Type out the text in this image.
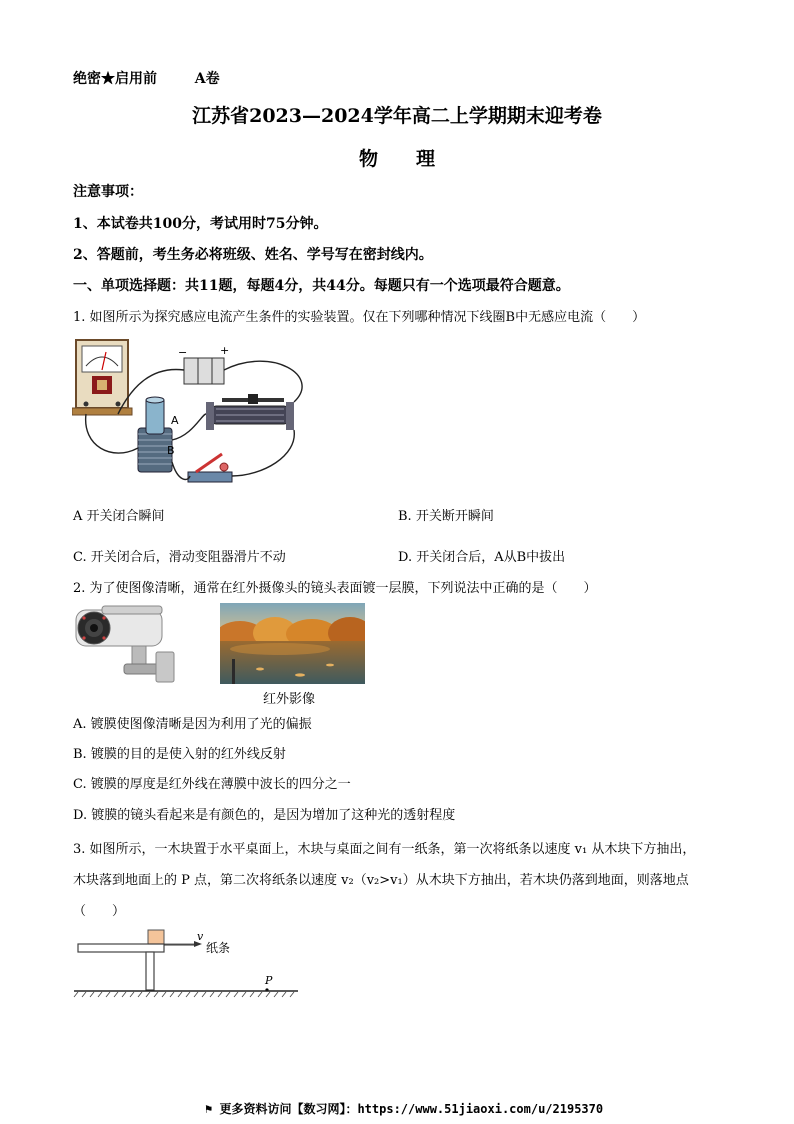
绝密★启用前	A卷
江苏省2023—2024学年高二上学期期末迎考卷
物　　理
注意事项：
1、本试卷共100分，考试用时75分钟。
2、答题前，考生务必将班级、姓名、学号写在密封线内。
一、单项选择题：共11题，每题4分，共44分。每题只有一个选项最符合题意。
1. 如图所示为探究感应电流产生条件的实验装置。仅在下列哪种情况下线圈B中无感应电流（　　）
−	+
A
B
A 开关闭合瞬间	B. 开关断开瞬间
C. 开关闭合后，滑动变阻器滑片不动	D. 开关闭合后，A从B中拔出
2. 为了使图像清晰，通常在红外摄像头的镜头表面镀一层膜，下列说法中正确的是（　　）
红外影像
A. 镀膜使图像清晰是因为利用了光的偏振
B. 镀膜的目的是使入射的红外线反射
C. 镀膜的厚度是红外线在薄膜中波长的四分之一
D. 镀膜的镜头看起来是有颜色的，是因为增加了这种光的透射程度
3. 如图所示，一木块置于水平桌面上，木块与桌面之间有一纸条，第一次将纸条以速度 v₁ 从木块下方抽出，
木块落到地面上的 P 点，第二次将纸条以速度 v₂（v₂>v₁）从木块下方抽出，若木块仍落到地面，则落地点
（　　）
v
纸条
P
⚑ 更多资料访问【数习网】：https://www.51jiaoxi.com/u/2195370
